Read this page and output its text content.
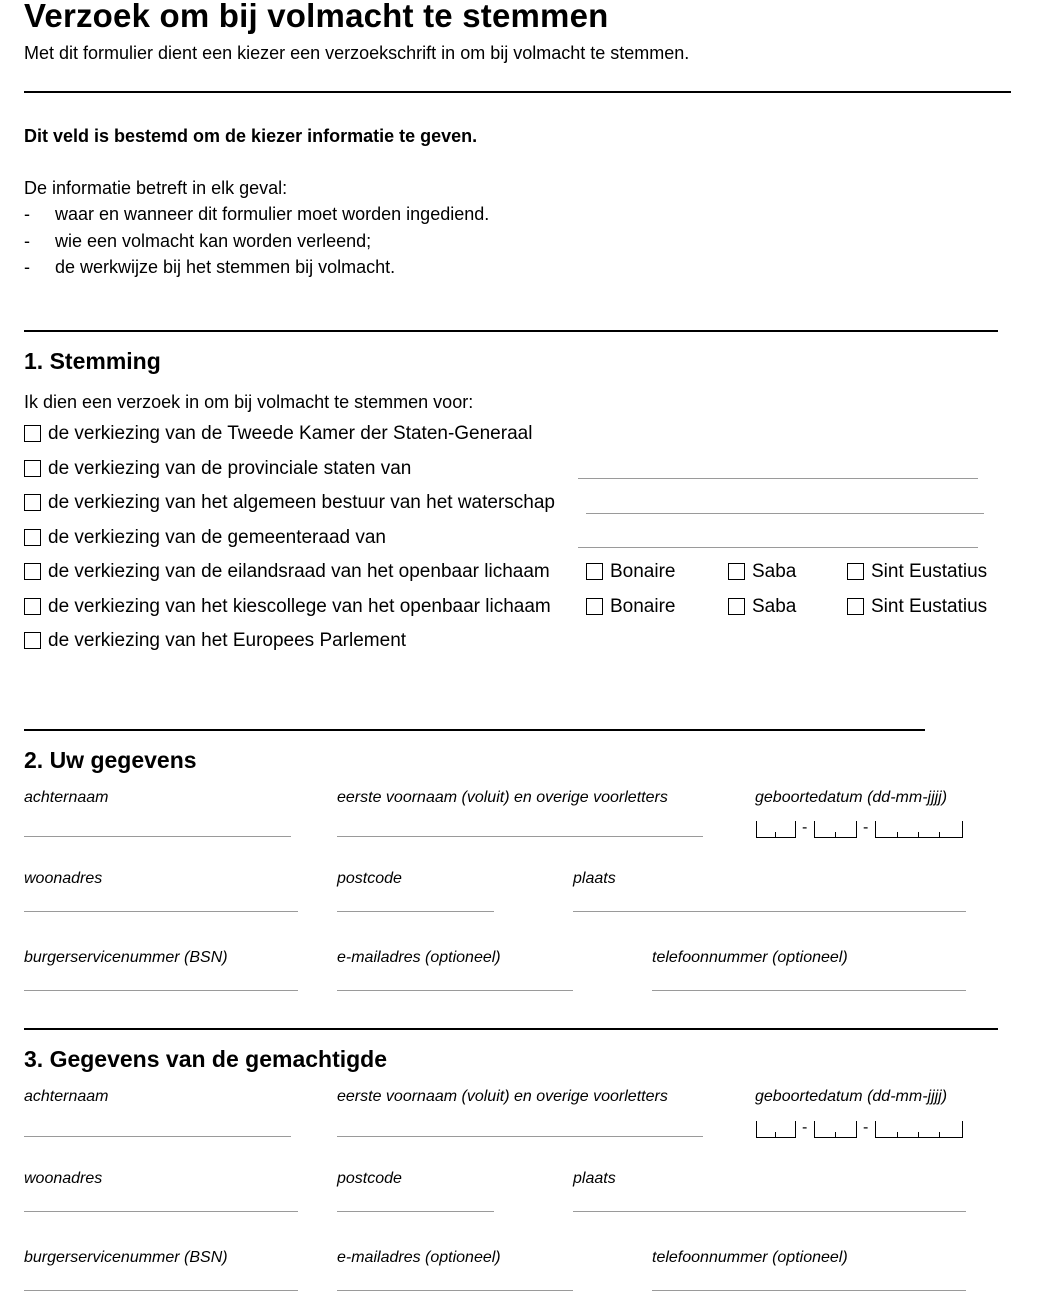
Verzoek om bij volmacht te stemmen
Met dit formulier dient een kiezer een verzoekschrift in om bij volmacht te stemmen.
Dit veld is bestemd om de kiezer informatie te geven.
De informatie betreft in elk geval:
- waar en wanneer dit formulier moet worden ingediend.
- wie een volmacht kan worden verleend;
- de werkwijze bij het stemmen bij volmacht.
1. Stemming
Ik dien een verzoek in om bij volmacht te stemmen voor:
de verkiezing van de Tweede Kamer der Staten-Generaal
de verkiezing van de provinciale staten van
de verkiezing van het algemeen bestuur van het waterschap
de verkiezing van de gemeenteraad van
de verkiezing van de eilandsraad van het openbaar lichaam	Bonaire	Saba	Sint Eustatius
de verkiezing van het kiescollege van het openbaar lichaam	Bonaire	Saba	Sint Eustatius
de verkiezing van het Europees Parlement
2. Uw gegevens
achternaam	eerste voornaam (voluit) en overige voorletters	geboortedatum (dd-mm-jjjj)
-	-
woonadres	postcode	plaats
burgerservicenummer (BSN)	e-mailadres (optioneel)	telefoonnummer (optioneel)
3. Gegevens van de gemachtigde
achternaam	eerste voornaam (voluit) en overige voorletters	geboortedatum (dd-mm-jjjj)
-	-
woonadres	postcode	plaats
burgerservicenummer (BSN)	e-mailadres (optioneel)	telefoonnummer (optioneel)
